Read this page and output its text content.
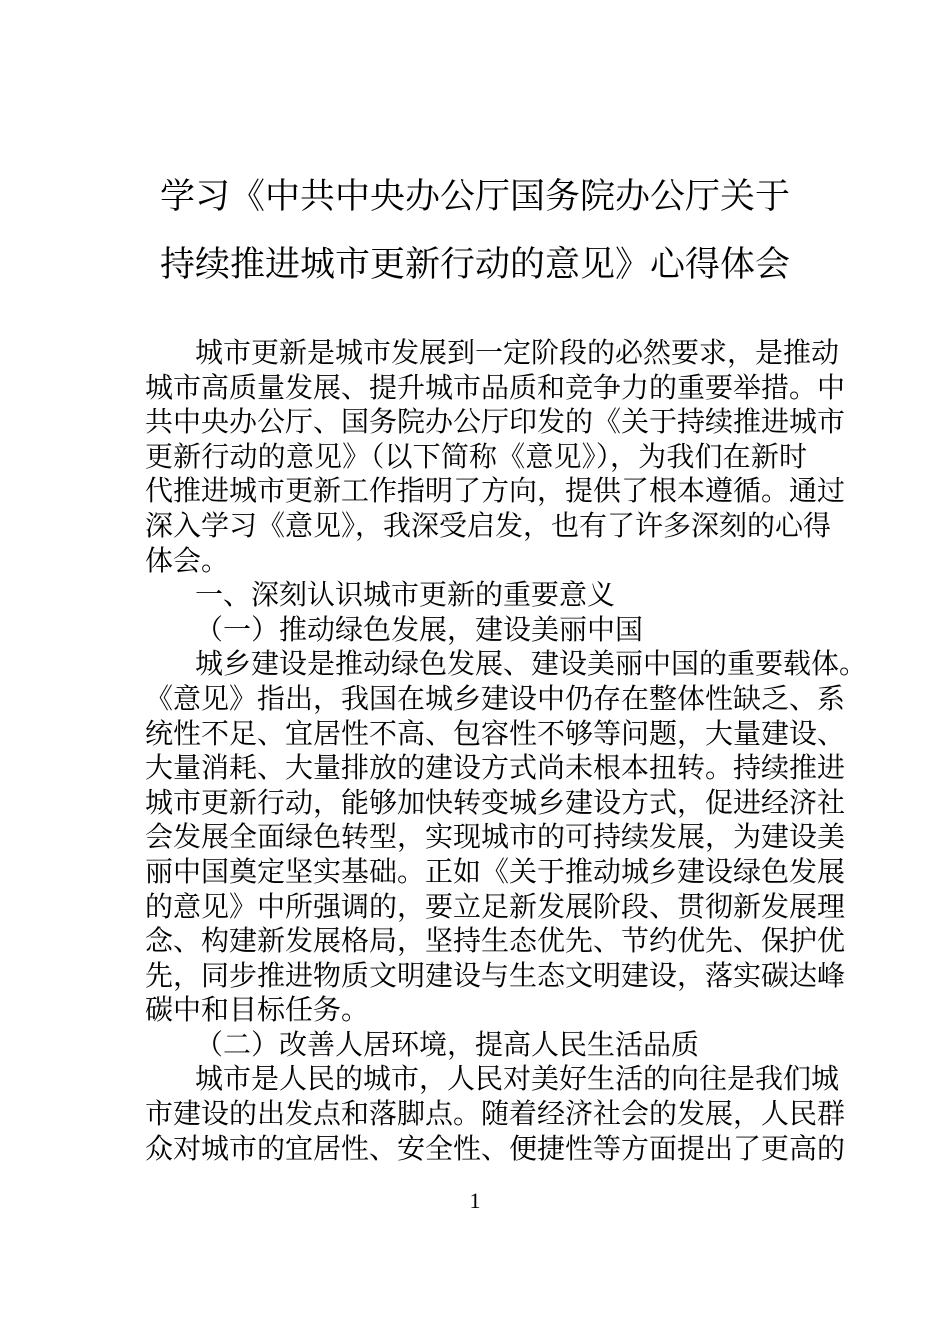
学习《中共中央办公厅国务院办公厅关于
持续推进城市更新行动的意见》心得体会
城市更新是城市发展到一定阶段的必然要求，是推动
城市高质量发展、提升城市品质和竞争力的重要举措。中
共中央办公厅、国务院办公厅印发的《关于持续推进城市
更新行动的意见》（以下简称《意见》），为我们在新时
代推进城市更新工作指明了方向，提供了根本遵循。通过
深入学习《意见》，我深受启发，也有了许多深刻的心得
体会。
一、深刻认识城市更新的重要意义
（一）推动绿色发展，建设美丽中国
城乡建设是推动绿色发展、建设美丽中国的重要载体。
《意见》指出，我国在城乡建设中仍存在整体性缺乏、系
统性不足、宜居性不高、包容性不够等问题，大量建设、
大量消耗、大量排放的建设方式尚未根本扭转。持续推进
城市更新行动，能够加快转变城乡建设方式，促进经济社
会发展全面绿色转型，实现城市的可持续发展，为建设美
丽中国奠定坚实基础。正如《关于推动城乡建设绿色发展
的意见》中所强调的，要立足新发展阶段、贯彻新发展理
念、构建新发展格局，坚持生态优先、节约优先、保护优
先，同步推进物质文明建设与生态文明建设，落实碳达峰
碳中和目标任务。
（二）改善人居环境，提高人民生活品质
城市是人民的城市，人民对美好生活的向往是我们城
市建设的出发点和落脚点。随着经济社会的发展，人民群
众对城市的宜居性、安全性、便捷性等方面提出了更高的
1
